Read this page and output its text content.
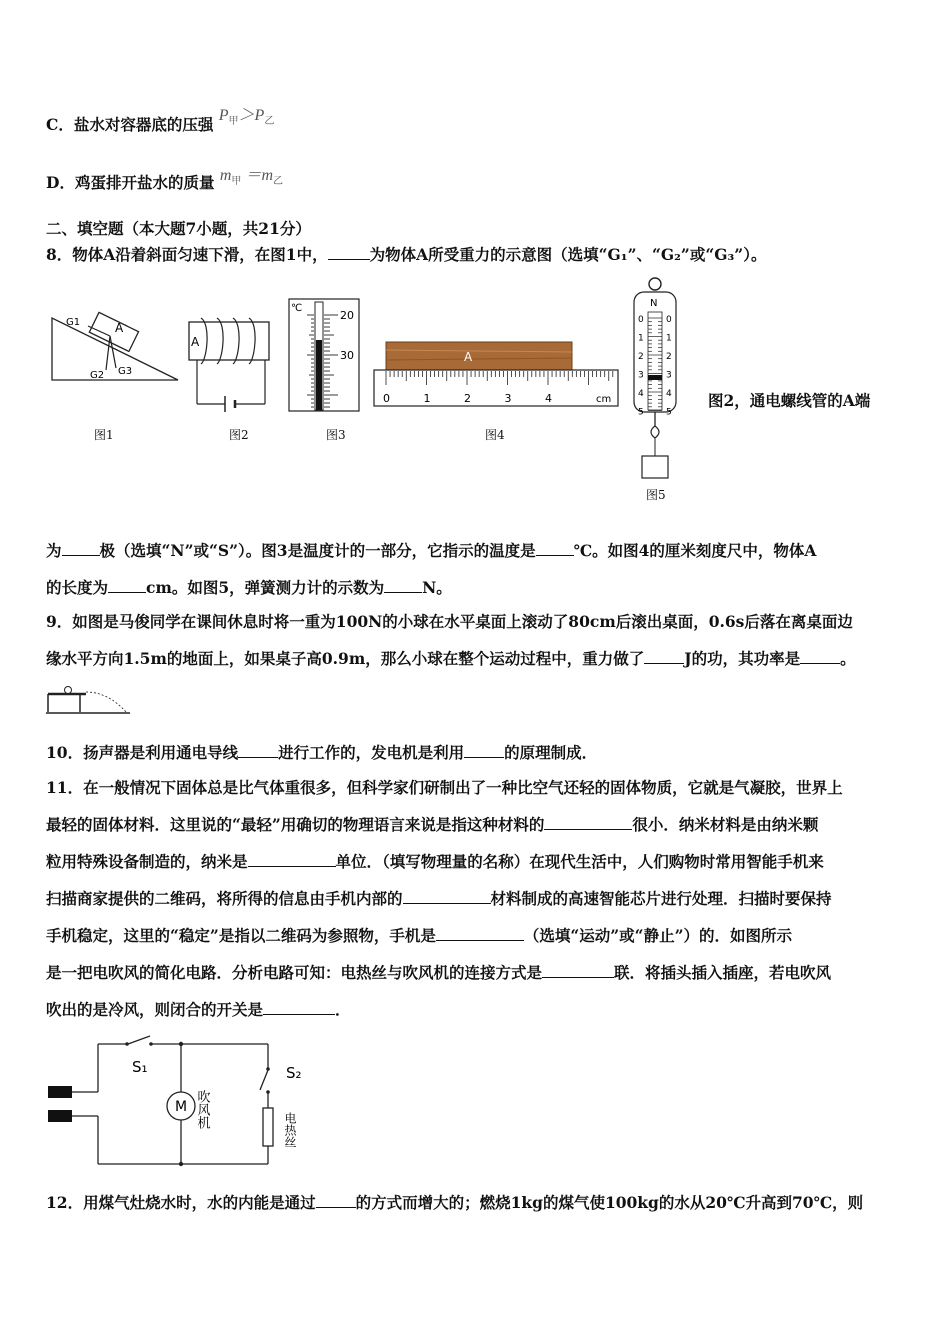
C．盐水对容器底的压强 $P_甲>P_乙$
D．鸡蛋排开盐水的质量 $m_甲 =m_乙$
二、填空题（本大题7小题，共21分）
8．物体A沿着斜面匀速下滑，在图1中，	为物体A所受重力的示意图（选填“G₁”、“G₂”或“G₃”）。
A
G1
G2 G3
图1
A
图2
℃
20
30
图3
A
0	1	2	3	4	cm
图4
N
0
1
2
3
4
5
0
1
2
3
4
5
图5
图2，通电螺线管的A端
为 极（选填“N”或“S”）。图3是温度计的一部分，它指示的温度是 ℃。如图4的厘米刻度尺中，物体A
的长度为 cm。如图5，弹簧测力计的示数为 N。
9．如图是马俊同学在课间休息时将一重为100N的小球在水平桌面上滚动了80cm后滚出桌面，0.6s后落在离桌面边
缘水平方向1.5m的地面上，如果桌子高0.9m，那么小球在整个运动过程中，重力做了	J的功，其功率是	。
10．扬声器是利用通电导线	进行工作的，发电机是利用	的原理制成．
11．在一般情况下固体总是比气体重很多，但科学家们研制出了一种比空气还轻的固体物质，它就是气凝胶，世界上
最轻的固体材料．这里说的“最轻”用确切的物理语言来说是指这种材料的	很小．纳米材料是由纳米颗
粒用特殊设备制造的，纳米是	单位．（填写物理量的名称）在现代生活中，人们购物时常用智能手机来
扫描商家提供的二维码，将所得的信息由手机内部的	材料制成的高速智能芯片进行处理．扫描时要保持
手机稳定，这里的“稳定”是指以二维码为参照物，手机是	（选填“运动”或“静止”）的．如图所示
是一把电吹风的简化电路．分析电路可知：电热丝与吹风机的连接方式是	联．将插头插入插座，若电吹风
吹出的是冷风，则闭合的开关是	．
S₁
M 吹风机
S₂
电热丝
12．用煤气灶烧水时，水的内能是通过	的方式而增大的；燃烧1kg的煤气使100kg的水从20℃升高到70℃，则
